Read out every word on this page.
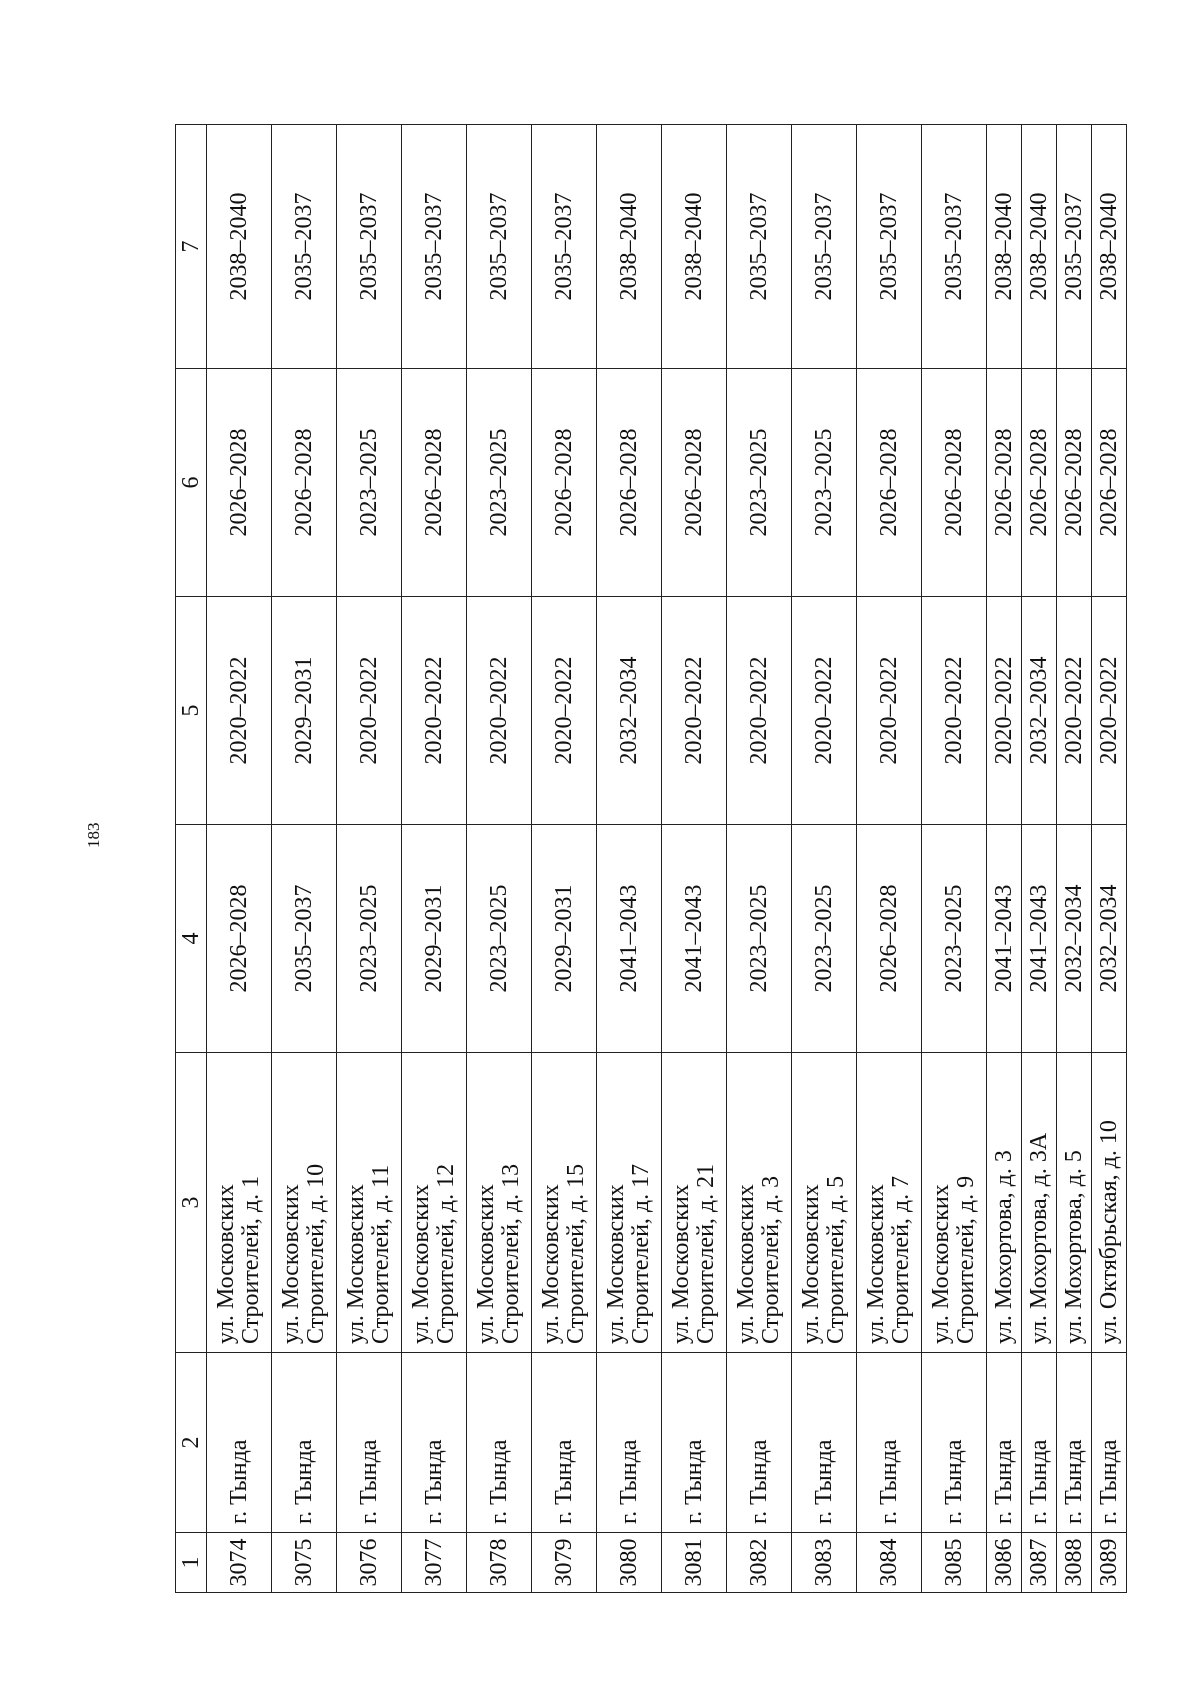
183
1	2	3	4	5	6	7
3074	г. Тында	ул. Московских Строителей, д. 1	2026–2028	2020–2022	2026–2028	2038–2040
3075	г. Тында	ул. Московских Строителей, д. 10	2035–2037	2029–2031	2026–2028	2035–2037
3076	г. Тында	ул. Московских Строителей, д. 11	2023–2025	2020–2022	2023–2025	2035–2037
3077	г. Тында	ул. Московских Строителей, д. 12	2029–2031	2020–2022	2026–2028	2035–2037
3078	г. Тында	ул. Московских Строителей, д. 13	2023–2025	2020–2022	2023–2025	2035–2037
3079	г. Тында	ул. Московских Строителей, д. 15	2029–2031	2020–2022	2026–2028	2035–2037
3080	г. Тында	ул. Московских Строителей, д. 17	2041–2043	2032–2034	2026–2028	2038–2040
3081	г. Тында	ул. Московских Строителей, д. 21	2041–2043	2020–2022	2026–2028	2038–2040
3082	г. Тында	ул. Московских Строителей, д. 3	2023–2025	2020–2022	2023–2025	2035–2037
3083	г. Тында	ул. Московских Строителей, д. 5	2023–2025	2020–2022	2023–2025	2035–2037
3084	г. Тында	ул. Московских Строителей, д. 7	2026–2028	2020–2022	2026–2028	2035–2037
3085	г. Тында	ул. Московских Строителей, д. 9	2023–2025	2020–2022	2026–2028	2035–2037
3086	г. Тында	ул. Мохортова, д. 3	2041–2043	2020–2022	2026–2028	2038–2040
3087	г. Тында	ул. Мохортова, д. 3А	2041–2043	2032–2034	2026–2028	2038–2040
3088	г. Тында	ул. Мохортова, д. 5	2032–2034	2020–2022	2026–2028	2035–2037
3089	г. Тында	ул. Октябрьская, д. 10	2032–2034	2020–2022	2026–2028	2038–2040
